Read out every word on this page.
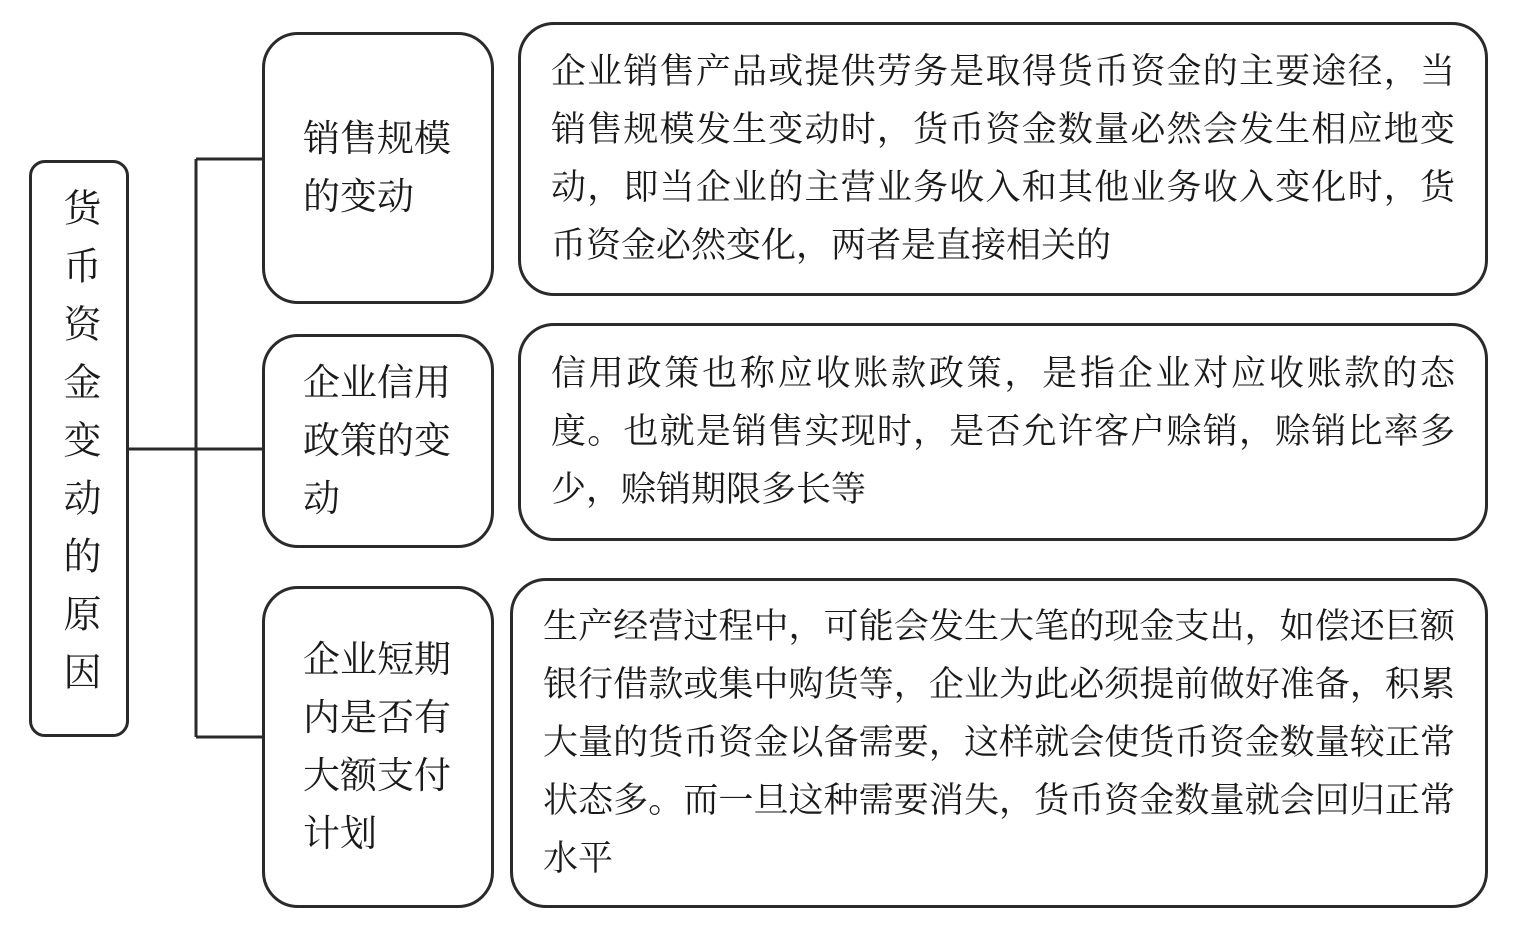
货币资金变动的原因
销售规模的变动
企业销售产品或提供劳务是取得货币资金的主要途径，当销售规模发生变动时，货币资金数量必然会发生相应地变动，即当企业的主营业务收入和其他业务收入变化时，货币资金必然变化，两者是直接相关的
企业信用政策的变动
信用政策也称应收账款政策，是指企业对应收账款的态度。也就是销售实现时，是否允许客户赊销，赊销比率多少，赊销期限多长等
企业短期内是否有大额支付计划
生产经营过程中，可能会发生大笔的现金支出，如偿还巨额银行借款或集中购货等，企业为此必须提前做好准备，积累大量的货币资金以备需要，这样就会使货币资金数量较正常状态多。而一旦这种需要消失，货币资金数量就会回归正常水平
